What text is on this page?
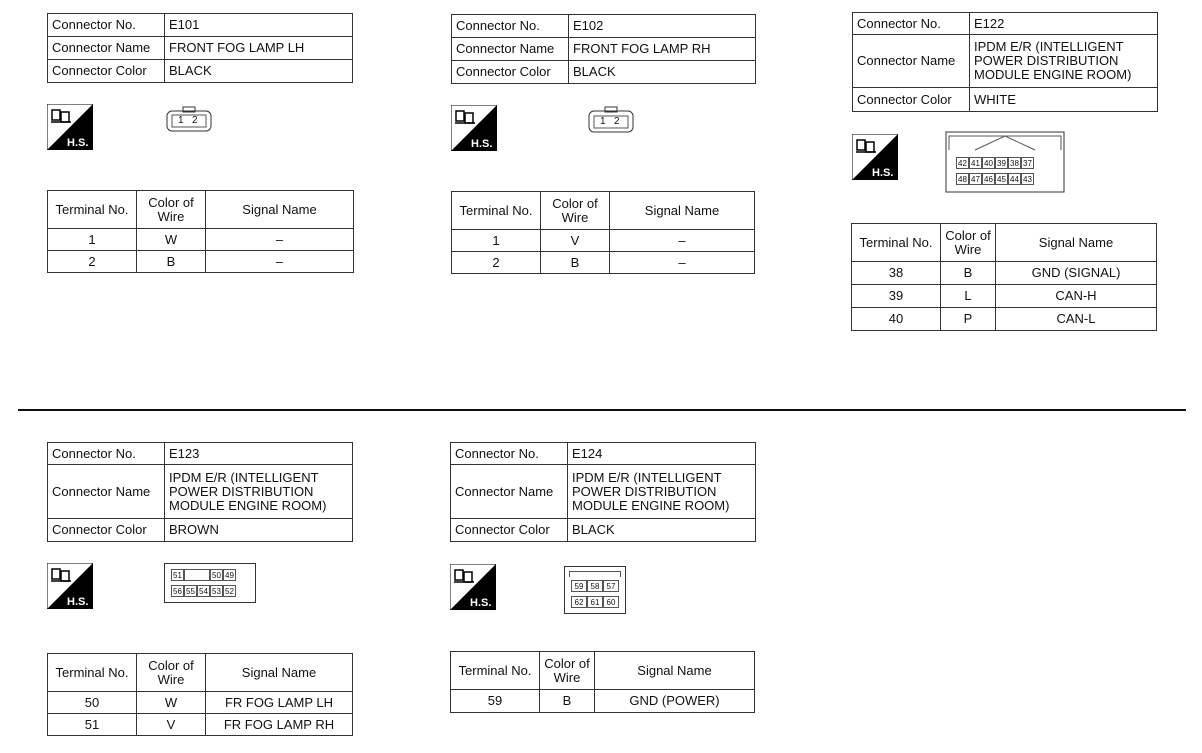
Connector No.	E101
Connector Name	FRONT FOG LAMP LH
Connector Color	BLACK
H.S.
1 2
Terminal No.	Color of Wire	Signal Name
1	W	–
2	B	–
Connector No.	E102
Connector Name	FRONT FOG LAMP RH
Connector Color	BLACK
H.S.
1 2
Terminal No.	Color of Wire	Signal Name
1	V	–
2	B	–
Connector No.	E122
Connector Name	IPDM E/R (INTELLIGENT POWER DISTRIBUTION MODULE ENGINE ROOM)
Connector Color	WHITE
H.S.
42 41 40 39 38 37
48 47 46 45 44 43
Terminal No.	Color of Wire	Signal Name
38	B	GND (SIGNAL)
39	L	CAN-H
40	P	CAN-L
Connector No.	E123
Connector Name	IPDM E/R (INTELLIGENT POWER DISTRIBUTION MODULE ENGINE ROOM)
Connector Color	BROWN
H.S.
51	50 49
56 55 54 53 52
Terminal No.	Color of Wire	Signal Name
50	W	FR FOG LAMP LH
51	V	FR FOG LAMP RH
Connector No.	E124
Connector Name	IPDM E/R (INTELLIGENT POWER DISTRIBUTION MODULE ENGINE ROOM)
Connector Color	BLACK
H.S.
59 58 57
62 61 60
Terminal No.	Color of Wire	Signal Name
59	B	GND (POWER)
